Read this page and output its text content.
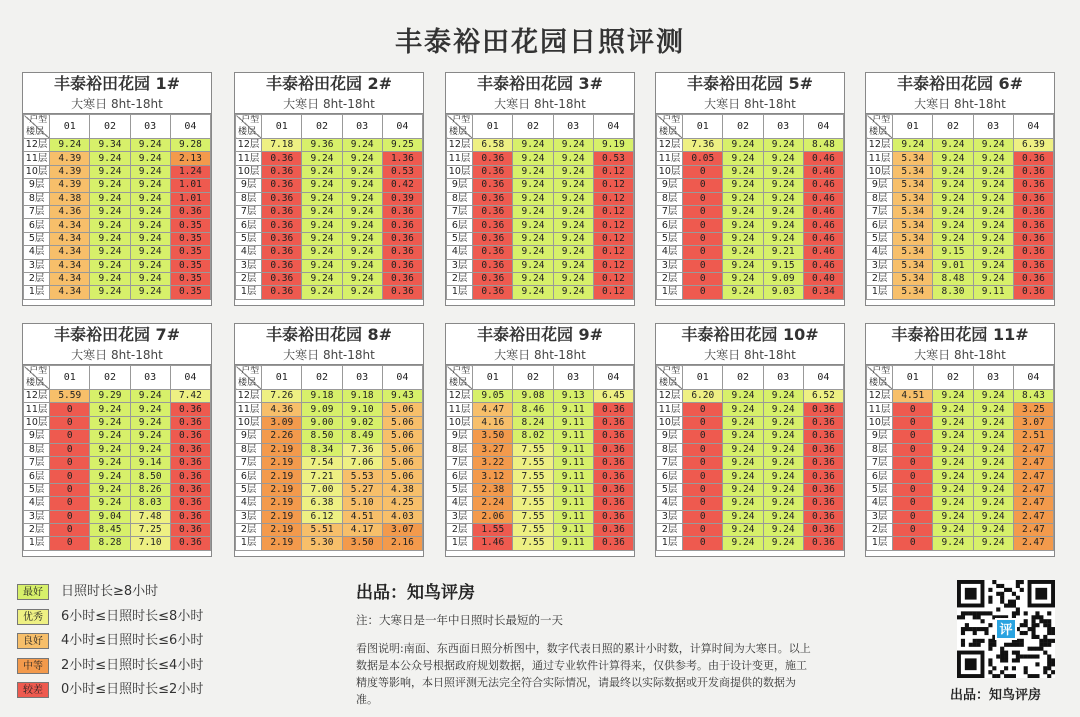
丰泰裕田花园日照评测
丰泰裕田花园 1#
大寒日 8ht-18ht
户型
楼层	01	02	03	04
12层	9.24	9.34	9.24	9.28
11层	4.39	9.24	9.24	2.13
10层	4.39	9.24	9.24	1.24
9层	4.39	9.24	9.24	1.01
8层	4.38	9.24	9.24	1.01
7层	4.36	9.24	9.24	0.36
6层	4.34	9.24	9.24	0.35
5层	4.34	9.24	9.24	0.35
4层	4.34	9.24	9.24	0.35
3层	4.34	9.24	9.24	0.35
2层	4.34	9.24	9.24	0.35
1层	4.34	9.24	9.24	0.35
丰泰裕田花园 2#
大寒日 8ht-18ht
户型
楼层	01	02	03	04
12层	7.18	9.36	9.24	9.25
11层	0.36	9.24	9.24	1.36
10层	0.36	9.24	9.24	0.53
9层	0.36	9.24	9.24	0.42
8层	0.36	9.24	9.24	0.39
7层	0.36	9.24	9.24	0.36
6层	0.36	9.24	9.24	0.36
5层	0.36	9.24	9.24	0.36
4层	0.36	9.24	9.24	0.36
3层	0.36	9.24	9.24	0.36
2层	0.36	9.24	9.24	0.36
1层	0.36	9.24	9.24	0.36
丰泰裕田花园 3#
大寒日 8ht-18ht
户型
楼层	01	02	03	04
12层	6.58	9.24	9.24	9.19
11层	0.36	9.24	9.24	0.53
10层	0.36	9.24	9.24	0.12
9层	0.36	9.24	9.24	0.12
8层	0.36	9.24	9.24	0.12
7层	0.36	9.24	9.24	0.12
6层	0.36	9.24	9.24	0.12
5层	0.36	9.24	9.24	0.12
4层	0.36	9.24	9.24	0.12
3层	0.36	9.24	9.24	0.12
2层	0.36	9.24	9.24	0.12
1层	0.36	9.24	9.24	0.12
丰泰裕田花园 5#
大寒日 8ht-18ht
户型
楼层	01	02	03	04
12层	7.36	9.24	9.24	8.48
11层	0.05	9.24	9.24	0.46
10层	0	9.24	9.24	0.46
9层	0	9.24	9.24	0.46
8层	0	9.24	9.24	0.46
7层	0	9.24	9.24	0.46
6层	0	9.24	9.24	0.46
5层	0	9.24	9.24	0.46
4层	0	9.24	9.21	0.46
3层	0	9.24	9.15	0.46
2层	0	9.24	9.09	0.40
1层	0	9.24	9.03	0.34
丰泰裕田花园 6#
大寒日 8ht-18ht
户型
楼层	01	02	03	04
12层	9.24	9.24	9.24	6.39
11层	5.34	9.24	9.24	0.36
10层	5.34	9.24	9.24	0.36
9层	5.34	9.24	9.24	0.36
8层	5.34	9.24	9.24	0.36
7层	5.34	9.24	9.24	0.36
6层	5.34	9.24	9.24	0.36
5层	5.34	9.24	9.24	0.36
4层	5.34	9.15	9.24	0.36
3层	5.34	9.01	9.24	0.36
2层	5.34	8.48	9.24	0.36
1层	5.34	8.30	9.11	0.36
丰泰裕田花园 7#
大寒日 8ht-18ht
户型
楼层	01	02	03	04
12层	5.59	9.29	9.24	7.42
11层	0	9.24	9.24	0.36
10层	0	9.24	9.24	0.36
9层	0	9.24	9.24	0.36
8层	0	9.24	9.24	0.36
7层	0	9.24	9.14	0.36
6层	0	9.24	8.50	0.36
5层	0	9.24	8.26	0.36
4层	0	9.24	8.03	0.36
3层	0	9.04	7.48	0.36
2层	0	8.45	7.25	0.36
1层	0	8.28	7.10	0.36
丰泰裕田花园 8#
大寒日 8ht-18ht
户型
楼层	01	02	03	04
12层	7.26	9.18	9.18	9.43
11层	4.36	9.09	9.10	5.06
10层	3.09	9.00	9.02	5.06
9层	2.26	8.50	8.49	5.06
8层	2.19	8.34	7.36	5.06
7层	2.19	7.54	7.06	5.06
6层	2.19	7.21	5.53	5.06
5层	2.19	7.00	5.27	4.38
4层	2.19	6.38	5.10	4.25
3层	2.19	6.12	4.51	4.03
2层	2.19	5.51	4.17	3.07
1层	2.19	5.30	3.50	2.16
丰泰裕田花园 9#
大寒日 8ht-18ht
户型
楼层	01	02	03	04
12层	9.05	9.08	9.13	6.45
11层	4.47	8.46	9.11	0.36
10层	4.16	8.24	9.11	0.36
9层	3.50	8.02	9.11	0.36
8层	3.27	7.55	9.11	0.36
7层	3.22	7.55	9.11	0.36
6层	3.12	7.55	9.11	0.36
5层	2.38	7.55	9.11	0.36
4层	2.24	7.55	9.11	0.36
3层	2.06	7.55	9.11	0.36
2层	1.55	7.55	9.11	0.36
1层	1.46	7.55	9.11	0.36
丰泰裕田花园 10#
大寒日 8ht-18ht
户型
楼层	01	02	03	04
12层	6.20	9.24	9.24	6.52
11层	0	9.24	9.24	0.36
10层	0	9.24	9.24	0.36
9层	0	9.24	9.24	0.36
8层	0	9.24	9.24	0.36
7层	0	9.24	9.24	0.36
6层	0	9.24	9.24	0.36
5层	0	9.24	9.24	0.36
4层	0	9.24	9.24	0.36
3层	0	9.24	9.24	0.36
2层	0	9.24	9.24	0.36
1层	0	9.24	9.24	0.36
丰泰裕田花园 11#
大寒日 8ht-18ht
户型
楼层	01	02	03	04
12层	4.51	9.24	9.24	8.43
11层	0	9.24	9.24	3.25
10层	0	9.24	9.24	3.07
9层	0	9.24	9.24	2.51
8层	0	9.24	9.24	2.47
7层	0	9.24	9.24	2.47
6层	0	9.24	9.24	2.47
5层	0	9.24	9.24	2.47
4层	0	9.24	9.24	2.47
3层	0	9.24	9.24	2.47
2层	0	9.24	9.24	2.47
1层	0	9.24	9.24	2.47
最好	日照时长≥8小时
优秀	6小时≤日照时长≤8小时
良好	4小时≤日照时长≤6小时
中等	2小时≤日照时长≤4小时
较差	0小时≤日照时长≤2小时
出品：知鸟评房
注：大寒日是一年中日照时长最短的一天
看图说明:南面、东西面日照分析图中，数字代表日照的累计小时数，计算时间为大寒日。以上数据是本公众号根据政府规划数据，通过专业软件计算得来，仅供参考。由于设计变更，施工精度等影响，本日照评测无法完全符合实际情况，请最终以实际数据或开发商提供的数据为准。
评
出品：知鸟评房
